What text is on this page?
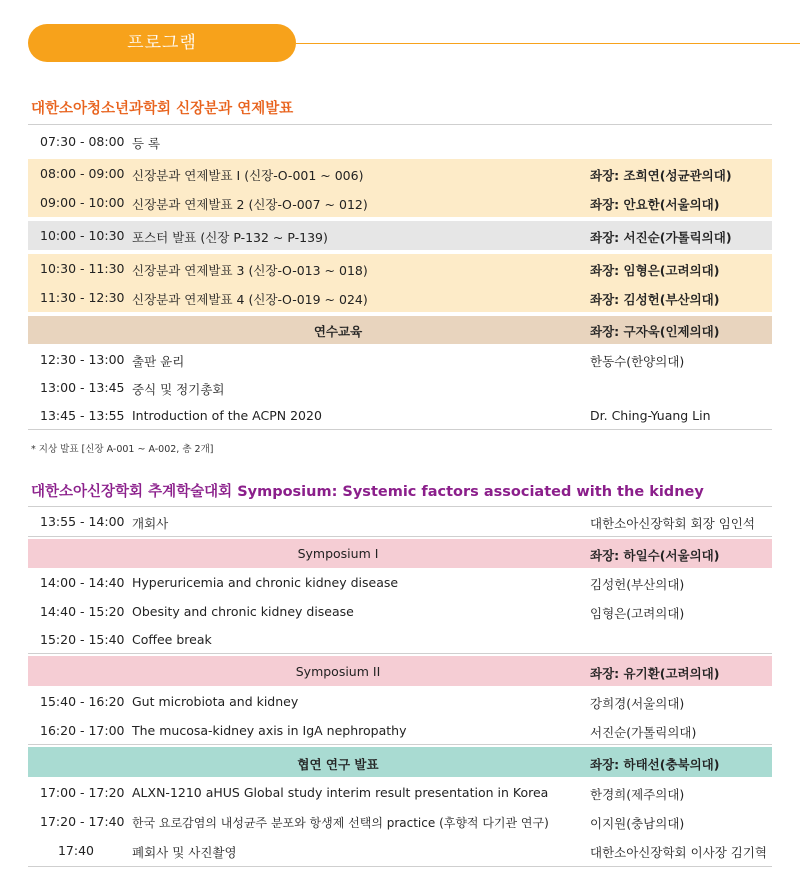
프로그램
대한소아청소년과학회 신장분과 연제발표
07:30 - 08:00 등 록
08:00 - 09:00 신장분과 연제발표 I (신장-O-001 ~ 006)	좌장: 조희연(성균관의대)
09:00 - 10:00 신장분과 연제발표 2 (신장-O-007 ~ 012)	좌장: 안요한(서울의대)
10:00 - 10:30 포스터 발표 (신장 P-132 ~ P-139)	좌장: 서진순(가톨릭의대)
10:30 - 11:30 신장분과 연제발표 3 (신장-O-013 ~ 018)	좌장: 임형은(고려의대)
11:30 - 12:30 신장분과 연제발표 4 (신장-O-019 ~ 024)	좌장: 김성헌(부산의대)
연수교육	좌장: 구자욱(인제의대)
12:30 - 13:00 출판 윤리	한동수(한양의대)
13:00 - 13:45 중식 및 정기총회
13:45 - 13:55 Introduction of the ACPN 2020	Dr. Ching-Yuang Lin
* 지상 발표 [신장 A-001 ~ A-002, 총 2개]
대한소아신장학회 추계학술대회 Symposium: Systemic factors associated with the kidney
13:55 - 14:00 개회사	대한소아신장학회 회장 임인석
Symposium I	좌장: 하일수(서울의대)
14:00 - 14:40 Hyperuricemia and chronic kidney disease	김성헌(부산의대)
14:40 - 15:20 Obesity and chronic kidney disease	임형은(고려의대)
15:20 - 15:40 Coffee break
Symposium II	좌장: 유기환(고려의대)
15:40 - 16:20 Gut microbiota and kidney	강희경(서울의대)
16:20 - 17:00 The mucosa-kidney axis in IgA nephropathy	서진순(가톨릭의대)
협연 연구 발표	좌장: 하태선(충북의대)
17:00 - 17:20 ALXN-1210 aHUS Global study interim result presentation in Korea	한경희(제주의대)
17:20 - 17:40 한국 요로감염의 내성균주 분포와 항생제 선택의 practice (후향적 다기관 연구)	이지원(충남의대)
17:40	폐회사 및 사진촬영	대한소아신장학회 이사장 김기혁
